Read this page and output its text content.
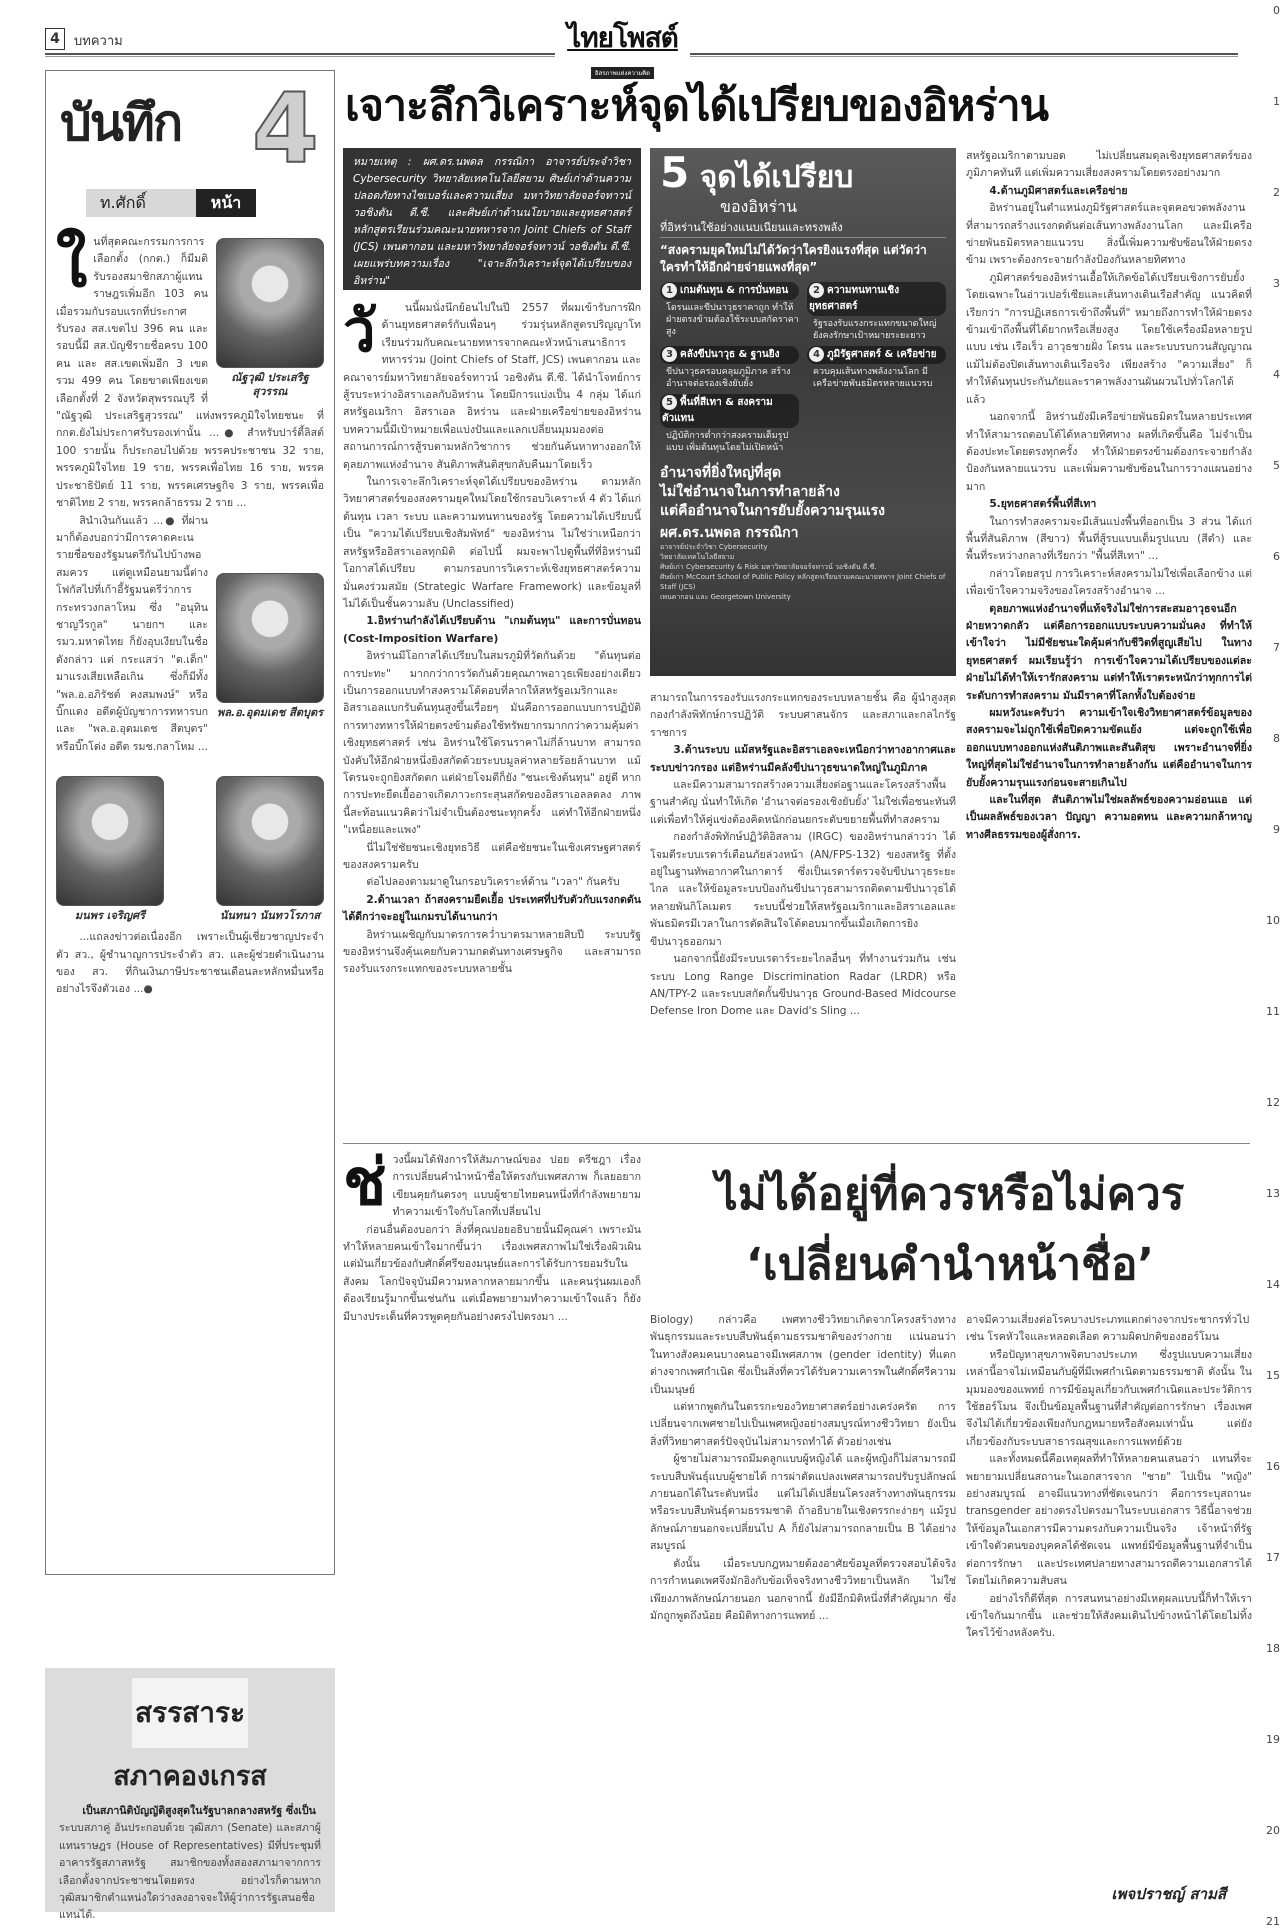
4	บทความ	ไทยโพสต์
อิสรภาพแห่งความคิด
0
1
2
3
4
5
6
7
8
9
10
11
12
13
14
15
16
17
18
19
20
21
บันทึก 4
ท.ศักดิ์	หน้า
ใ
ณัฐวุฒิ ประเสริฐสุวรรณ

นที่สุดคณะกรรมการการเลือกตั้ง (กกต.) ก็มีมติรับรองสมาชิกสภาผู้แทนราษฎรเพิ่มอีก 103 คน เมื่อรวมกับรอบแรกที่ประกาศรับรอง สส.เขตไป 396 คน และรอบนี้มี สส.บัญชีรายชื่อครบ 100 คน และ สส.เขตเพิ่มอีก 3 เขต รวม 499 คน โดยขาดเพียงเขตเลือกตั้งที่ 2 จังหวัดสุพรรณบุรี ที่ "ณัฐวุฒิ ประเสริฐสุวรรณ" แห่งพรรคภูมิใจไทยชนะ ที่ กกต.ยังไม่ประกาศรับรองเท่านั้น ...● สำหรับปาร์ตี้ลิสต์ 100 รายนั้น ก็ประกอบไปด้วย พรรคประชาชน 32 ราย, พรรคภูมิใจไทย 19 ราย, พรรคเพื่อไทย 16 ราย, พรรคประชาธิปัตย์ 11 ราย, พรรคเศรษฐกิจ 3 ราย, พรรคเพื่อชาติไทย 2 ราย, พรรคกล้าธรรม 2 ราย ...

พล.อ.อุดมเดช สีตบุตร

สินำเงินกันแล้ว ...● ที่ผ่านมาก็ต้องบอกว่ามีการคาดคะเนรายชื่อของรัฐมนตรีกันไปบ้างพอสมควร แต่ดูเหมือนยามนี้ต่างโฟกัสไปที่เก้าอี้รัฐมนตรีว่าการกระทรวงกลาโหม ซึ่ง "อนุทิน ชาญวีรกูล" นายกฯ และ รมว.มหาดไทย ก็ยังอุบเงียบในชื่อดังกล่าว แต่ กระแสว่า "ด.เด็ก" มาแรงเสียเหลือเกิน ซึ่งก็มีทั้ง "พล.อ.อภิรัชต์ คงสมพงษ์" หรือบิ๊กแดง อดีตผู้บัญชาการทหารบก และ "พล.อ.อุดมเดช สีตบุตร" หรือบิ๊กโด่ง อดีต รมช.กลาโหม ...

มนพร เจริญศรี	นันทนา นันทวโรภาส

...แถลงข่าวต่อเนื่องอีก เพราะเป็นผู้เชี่ยวชาญประจำตัว สว., ผู้ชำนาญการประจำตัว สว. และผู้ช่วยดำเนินงานของ สว. ที่กินเงินภาษีประชาชนเดือนละหลักหมื่นหรืออย่างไรจึงตัวเอง ...●

สรรสาระ
สภาคองเกรส

เป็นสภานิติบัญญัติสูงสุดในรัฐบาลกลางสหรัฐ ซึ่งเป็น

ระบบสภาคู่ อันประกอบด้วย วุฒิสภา (Senate) และสภาผู้แทนราษฎร (House of Representatives) มีที่ประชุมที่อาคารรัฐสภาสหรัฐ สมาชิกของทั้งสองสภามาจากการเลือกตั้งจากประชาชนโดยตรง อย่างไรก็ตามหากวุฒิสมาชิกตำแหน่งใดว่างลงอาจจะให้ผู้ว่าการรัฐเสนอชื่อแทนได้.

เจาะลึกวิเคราะห์จุดได้เปรียบของอิหร่าน
หมายเหตุ : ผศ.ดร.นพดล กรรณิกา อาจารย์ประจำวิชา Cybersecurity วิทยาลัยเทคโนโลยีสยาม ศิษย์เก่าด้านความปลอดภัยทางไซเบอร์และความเสี่ยง มหาวิทยาลัยจอร์จทาวน์ วอชิงตัน ดี.ซี. และศิษย์เก่าด้านนโยบายและยุทธศาสตร์หลักสูตรเรียนร่วมคณะนายทหารจาก Joint Chiefs of Staff (JCS) เพนตากอน และมหาวิทยาลัยจอร์จทาวน์ วอชิงตัน ดี.ซี. เผยแพร่บทความเรื่อง "เจาะลึกวิเคราะห์จุดได้เปรียบของอิหร่าน"
วั	นนี้ผมนั่งนึกย้อนไปในปี 2557 ที่ผมเข้ารับการฝึกด้านยุทธศาสตร์กับเพื่อนๆ ร่วมรุ่นหลักสูตรปริญญาโท เรียนร่วมกับคณะนายทหารจากคณะหัวหน้าเสนาธิการทหารร่วม (Joint Chiefs of Staff, JCS) เพนตากอน และคณาจารย์มหาวิทยาลัยจอร์จทาวน์ วอชิงตัน ดี.ซี. ได้นำโจทย์การสู้รบระหว่างอิสราเอลกับอิหร่าน โดยมีการแบ่งเป็น 4 กลุ่ม ได้แก่ สหรัฐอเมริกา อิสราเอล อิหร่าน และฝ่ายเครือข่ายของอิหร่าน บทความนี้มีเป้าหมายเพื่อแบ่งปันและแลกเปลี่ยนมุมมองต่อสถานการณ์การสู้รบตามหลักวิชาการ ช่วยกันค้นหาทางออกให้ดุลยภาพแห่งอำนาจ สันติภาพสันติสุขกลับคืนมาโดยเร็ว

ในการเจาะลึกวิเคราะห์จุดได้เปรียบของอิหร่าน ตามหลักวิทยาศาสตร์ของสงครามยุคใหม่โดยใช้กรอบวิเคราะห์ 4 ตัว ได้แก่ ต้นทุน เวลา ระบบ และความทนทานของรัฐ โดยความได้เปรียบนี้เป็น "ความได้เปรียบเชิงสัมพัทธ์" ของอิหร่าน ไม่ใช่ว่าเหนือกว่าสหรัฐหรืออิสราเอลทุกมิติ ต่อไปนี้ ผมจะพาไปดูพื้นที่ที่อิหร่านมีโอกาสได้เปรียบ ตามกรอบการวิเคราะห์เชิงยุทธศาสตร์ความมั่นคงร่วมสมัย (Strategic Warfare Framework) และข้อมูลที่ไม่ได้เป็นชั้นความลับ (Unclassified)

1.อิหร่านกำลังได้เปรียบด้าน "เกมต้นทุน" และการบั่นทอน (Cost-Imposition Warfare)

อิหร่านมีโอกาสได้เปรียบในสมรภูมิที่วัดกันด้วย "ต้นทุนต่อการปะทะ" มากกว่าการวัดกันด้วยคุณภาพอาวุธเพียงอย่างเดียว เป็นการออกแบบทำสงครามโต้ตอบที่ลากให้สหรัฐอเมริกาและอิสราเอลแบกรับต้นทุนสูงขึ้นเรื่อยๆ มันคือการออกแบบการปฏิบัติการทางทหารให้ฝ่ายตรงข้ามต้องใช้ทรัพยากรมากกว่าความคุ้มค่าเชิงยุทธศาสตร์ เช่น อิหร่านใช้โดรนราคาไม่กี่ล้านบาท สามารถบังคับให้อีกฝ่ายหนึ่งยิงสกัดด้วยระบบมูลค่าหลายร้อยล้านบาท แม้โดรนจะถูกยิงสกัดตก แต่ฝ่ายโจมตีก็ยัง "ชนะเชิงต้นทุน" อยู่ดี หากการปะทะยืดเยื้ออาจเกิดภาวะกระสุนสกัดของอิสราเอลลดลง ภาพนี้สะท้อนแนวคิดว่าไม่จำเป็นต้องชนะทุกครั้ง แค่ทำให้อีกฝ่ายหนึ่ง "เหนื่อยและแพง"

นี่ไม่ใช่ชัยชนะเชิงยุทธวิธี แต่คือชัยชนะในเชิงเศรษฐศาสตร์ของสงครามครับ

ต่อไปลองตามมาดูในกรอบวิเคราะห์ด้าน "เวลา" กันครับ

2.ด้านเวลา ถ้าสงครามยืดเยื้อ ประเทศที่ปรับตัวกับแรงกดดันได้ดีกว่าจะอยู่ในเกมรบได้นานกว่า

อิหร่านเผชิญกับมาตรการคว่ำบาตรมาหลายสิบปี ระบบรัฐของอิหร่านจึงคุ้นเคยกับความกดดันทางเศรษฐกิจ และสามารถรองรับแรงกระแทกของระบบหลายชั้น

5 จุดได้เปรียบ
ของอิหร่าน
ที่อิหร่านใช้อย่างแนบเนียนและทรงพลัง
“สงครามยุคใหม่ไม่ได้วัดว่าใครยิงแรงที่สุด แต่วัดว่าใครทำให้อีกฝ่ายจ่ายแพงที่สุด”
1 เกมต้นทุน & การบั่นทอน
โดรนและขีปนาวุธราคาถูก ทำให้ฝ่ายตรงข้ามต้องใช้ระบบสกัดราคาสูง
2 ความทนทานเชิงยุทธศาสตร์
รัฐรองรับแรงกระแทกขนาดใหญ่ ยังคงรักษาเป้าหมายระยะยาว
3 คลังขีปนาวุธ & ฐานยิง
ขีปนาวุธครอบคลุมภูมิภาค สร้างอำนาจต่อรองเชิงยับยั้ง
4 ภูมิรัฐศาสตร์ & เครือข่าย
ควบคุมเส้นทางพลังงานโลก มีเครือข่ายพันธมิตรหลายแนวรบ
5 พื้นที่สีเทา & สงครามตัวแทน
ปฏิบัติการต่ำกว่าสงครามเต็มรูปแบบ เพิ่มต้นทุนโดยไม่เปิดหน้า
อำนาจที่ยิ่งใหญ่ที่สุด
ไม่ใช่อำนาจในการทำลายล้าง
แต่คืออำนาจในการยับยั้งความรุนแรง
ผศ.ดร.นพดล กรรณิกา
อาจารย์ประจำวิชา Cybersecurity
วิทยาลัยเทคโนโลยีสยาม
ศิษย์เก่า Cybersecurity & Risk มหาวิทยาลัยจอร์จทาวน์ วอชิงตัน ดี.ซี.
ศิษย์เก่า McCourt School of Public Policy หลักสูตรเรียนร่วมคณะนายทหาร Joint Chiefs of Staff (JCS)
เพนตากอน และ Georgetown University

สามารถในการรองรับแรงกระแทกของระบบหลายชั้น คือ ผู้นำสูงสุด กองกำลังพิทักษ์การปฏิวัติ ระบบศาสนจักร และสภาและกลไกรัฐราชการ

3.ด้านระบบ แม้สหรัฐและอิสราเอลจะเหนือกว่าทางอากาศและระบบข่าวกรอง แต่อิหร่านมีคลังขีปนาวุธขนาดใหญ่ในภูมิภาค

และมีความสามารถสร้างความเสี่ยงต่อฐานและโครงสร้างพื้นฐานสำคัญ นั่นทำให้เกิด 'อำนาจต่อรองเชิงยับยั้ง' ไม่ใช่เพื่อชนะทันที แต่เพื่อทำให้คู่แข่งต้องคิดหนักก่อนยกระดับขยายพื้นที่ทำสงคราม

กองกำลังพิทักษ์ปฏิวัติอิสลาม (IRGC) ของอิหร่านกล่าวว่า ได้โจมตีระบบเรดาร์เตือนภัยล่วงหน้า (AN/FPS-132) ของสหรัฐ ที่ตั้งอยู่ในฐานทัพอากาศในกาตาร์ ซึ่งเป็นเรดาร์ตรวจจับขีปนาวุธระยะไกล และให้ข้อมูลระบบป้องกันขีปนาวุธสามารถติดตามขีปนาวุธได้หลายพันกิโลเมตร ระบบนี้ช่วยให้สหรัฐอเมริกาและอิสราเอลและพันธมิตรมีเวลาในการตัดสินใจโต้ตอบมากขึ้นเมื่อเกิดการยิงขีปนาวุธออกมา

นอกจากนี้ยังมีระบบเรดาร์ระยะไกลอื่นๆ ที่ทำงานร่วมกัน เช่น ระบบ Long Range Discrimination Radar (LRDR) หรือ AN/TPY-2 และระบบสกัดกั้นขีปนาวุธ Ground-Based Midcourse Defense Iron Dome และ David's Sling ...

สหรัฐอเมริกาตามบอด ไม่เปลี่ยนสมดุลเชิงยุทธศาสตร์ของภูมิภาคทันที แต่เพิ่มความเสี่ยงสงครามโดยตรงอย่างมาก

4.ด้านภูมิศาสตร์และเครือข่าย

อิหร่านอยู่ในตำแหน่งภูมิรัฐศาสตร์และจุดคอขวดพลังงานที่สามารถสร้างแรงกดดันต่อเส้นทางพลังงานโลก และมีเครือข่ายพันธมิตรหลายแนวรบ สิ่งนี้เพิ่มความซับซ้อนให้ฝ่ายตรงข้าม เพราะต้องกระจายกำลังป้องกันหลายทิศทาง

ภูมิศาสตร์ของอิหร่านเอื้อให้เกิดข้อได้เปรียบเชิงการยับยั้ง โดยเฉพาะในอ่าวเปอร์เซียและเส้นทางเดินเรือสำคัญ แนวคิดที่เรียกว่า "การปฏิเสธการเข้าถึงพื้นที่" หมายถึงการทำให้ฝ่ายตรงข้ามเข้าถึงพื้นที่ได้ยากหรือเสี่ยงสูง โดยใช้เครื่องมือหลายรูปแบบ เช่น เรือเร็ว อาวุธชายฝั่ง โดรน และระบบรบกวนสัญญาณ แม้ไม่ต้องปิดเส้นทางเดินเรือจริง เพียงสร้าง "ความเสี่ยง" ก็ทำให้ต้นทุนประกันภัยและราคาพลังงานผันผวนไปทั่วโลกได้แล้ว

นอกจากนี้ อิหร่านยังมีเครือข่ายพันธมิตรในหลายประเทศ ทำให้สามารถตอบโต้ได้หลายทิศทาง ผลที่เกิดขึ้นคือ ไม่จำเป็นต้องปะทะโดยตรงทุกครั้ง ทำให้ฝ่ายตรงข้ามต้องกระจายกำลังป้องกันหลายแนวรบ และเพิ่มความซับซ้อนในการวางแผนอย่างมาก

5.ยุทธศาสตร์พื้นที่สีเทา

ในการทำสงครามจะมีเส้นแบ่งพื้นที่ออกเป็น 3 ส่วน ได้แก่ พื้นที่สันติภาพ (สีขาว) พื้นที่สู้รบแบบเต็มรูปแบบ (สีดำ) และพื้นที่ระหว่างกลางที่เรียกว่า "พื้นที่สีเทา" ...

กล่าวโดยสรุป การวิเคราะห์สงครามไม่ใช่เพื่อเลือกข้าง แต่เพื่อเข้าใจความจริงของโครงสร้างอำนาจ ...

ดุลยภาพแห่งอำนาจที่แท้จริงไม่ใช่การสะสมอาวุธจนอีกฝ่ายหวาดกลัว แต่คือการออกแบบระบบความมั่นคง ที่ทำให้เข้าใจว่า ไม่มีชัยชนะใดคุ้มค่ากับชีวิตที่สูญเสียไป ในทางยุทธศาสตร์ ผมเรียนรู้ว่า การเข้าใจความได้เปรียบของแต่ละฝ่ายไม่ได้ทำให้เรารักสงคราม แต่ทำให้เราตระหนักว่าทุกการไต่ระดับการทำสงคราม มันมีราคาที่โลกทั้งใบต้องจ่าย

ผมหวังนะครับว่า ความเข้าใจเชิงวิทยาศาสตร์ข้อมูลของสงครามจะไม่ถูกใช้เพื่อปิดความขัดแย้ง แต่จะถูกใช้เพื่อออกแบบทางออกแห่งสันติภาพและสันติสุข เพราะอำนาจที่ยิ่งใหญ่ที่สุดไม่ใช่อำนาจในการทำลายล้างกัน แต่คืออำนาจในการยับยั้งความรุนแรงก่อนจะสายเกินไป

และในที่สุด สันติภาพไม่ใช่ผลลัพธ์ของความอ่อนแอ แต่เป็นผลลัพธ์ของเวลา ปัญญา ความอดทน และความกล้าหาญทางศีลธรรมของผู้สั่งการ.

ช่ วงนี้ผมได้ฟังการให้สัมภาษณ์ของ ปอย ตรีชฎา เรื่องการเปลี่ยนคำนำหน้าชื่อให้ตรงกับเพศสภาพ ก็เลยอยากเขียนคุยกันตรงๆ แบบผู้ชายไทยคนหนึ่งที่กำลังพยายามทำความเข้าใจกับโลกที่เปลี่ยนไป

ก่อนอื่นต้องบอกว่า สิ่งที่คุณปอยอธิบายนั้นมีคุณค่า เพราะมันทำให้หลายคนเข้าใจมากขึ้นว่า เรื่องเพศสภาพไม่ใช่เรื่องผิวเผิน แต่มันเกี่ยวข้องกับศักดิ์ศรีของมนุษย์และการได้รับการยอมรับในสังคม โลกปัจจุบันมีความหลากหลายมากขึ้น และคนรุ่นผมเองก็ต้องเรียนรู้มากขึ้นเช่นกัน แต่เมื่อพยายามทำความเข้าใจแล้ว ก็ยังมีบางประเด็นที่ควรพูดคุยกันอย่างตรงไปตรงมา ...

ไม่ได้อยู่ที่ควรหรือไม่ควร
‘เปลี่ยนคำนำหน้าชื่อ’

Biology) กล่าวคือ เพศทางชีววิทยาเกิดจากโครงสร้างทางพันธุกรรมและระบบสืบพันธุ์ตามธรรมชาติของร่างกาย แน่นอนว่า ในทางสังคมคนบางคนอาจมีเพศสภาพ (gender identity) ที่แตกต่างจากเพศกำเนิด ซึ่งเป็นสิ่งที่ควรได้รับความเคารพในศักดิ์ศรีความเป็นมนุษย์

แต่หากพูดกันในตรรกะของวิทยาศาสตร์อย่างเคร่งครัด การเปลี่ยนจากเพศชายไปเป็นเพศหญิงอย่างสมบูรณ์ทางชีววิทยา ยังเป็นสิ่งที่วิทยาศาสตร์ปัจจุบันไม่สามารถทำได้ ตัวอย่างเช่น

ผู้ชายไม่สามารถมีมดลูกแบบผู้หญิงได้ และผู้หญิงก็ไม่สามารถมีระบบสืบพันธุ์แบบผู้ชายได้ การผ่าตัดแปลงเพศสามารถปรับรูปลักษณ์ภายนอกได้ในระดับหนึ่ง แต่ไม่ได้เปลี่ยนโครงสร้างทางพันธุกรรมหรือระบบสืบพันธุ์ตามธรรมชาติ ถ้าอธิบายในเชิงตรรกะง่ายๆ แม้รูปลักษณ์ภายนอกจะเปลี่ยนไป A ก็ยังไม่สามารถกลายเป็น B ได้อย่างสมบูรณ์

ดังนั้น เมื่อระบบกฎหมายต้องอาศัยข้อมูลที่ตรวจสอบได้จริง การกำหนดเพศจึงมักอิงกับข้อเท็จจริงทางชีววิทยาเป็นหลัก ไม่ใช่เพียงภาพลักษณ์ภายนอก นอกจากนี้ ยังมีอีกมิติหนึ่งที่สำคัญมาก ซึ่งมักถูกพูดถึงน้อย คือมิติทางการแพทย์ ...

อาจมีความเสี่ยงต่อโรคบางประเภทแตกต่างจากประชากรทั่วไป เช่น โรคหัวใจและหลอดเลือด ความผิดปกติของฮอร์โมน

หรือปัญหาสุขภาพจิตบางประเภท ซึ่งรูปแบบความเสี่ยงเหล่านี้อาจไม่เหมือนกับผู้ที่มีเพศกำเนิดตามธรรมชาติ ดังนั้น ในมุมมองของแพทย์ การมีข้อมูลเกี่ยวกับเพศกำเนิดและประวัติการใช้ฮอร์โมน จึงเป็นข้อมูลพื้นฐานที่สำคัญต่อการรักษา เรื่องเพศจึงไม่ได้เกี่ยวข้องเพียงกับกฎหมายหรือสังคมเท่านั้น แต่ยังเกี่ยวข้องกับระบบสาธารณสุขและการแพทย์ด้วย

และทั้งหมดนี้คือเหตุผลที่ทำให้หลายคนเสนอว่า แทนที่จะพยายามเปลี่ยนสถานะในเอกสารจาก "ชาย" ไปเป็น "หญิง" อย่างสมบูรณ์ อาจมีแนวทางที่ชัดเจนกว่า คือการระบุสถานะ transgender อย่างตรงไปตรงมาในระบบเอกสาร วิธีนี้อาจช่วยให้ข้อมูลในเอกสารมีความตรงกับความเป็นจริง เจ้าหน้าที่รัฐเข้าใจตัวตนของบุคคลได้ชัดเจน แพทย์มีข้อมูลพื้นฐานที่จำเป็นต่อการรักษา และประเทศปลายทางสามารถตีความเอกสารได้โดยไม่เกิดความสับสน

อย่างไรก็ดีที่สุด การสนทนาอย่างมีเหตุผลแบบนี้ก็ทำให้เราเข้าใจกันมากขึ้น และช่วยให้สังคมเดินไปข้างหน้าได้โดยไม่ทิ้งใครไว้ข้างหลังครับ.

เพจปราชญ์ สามสี
